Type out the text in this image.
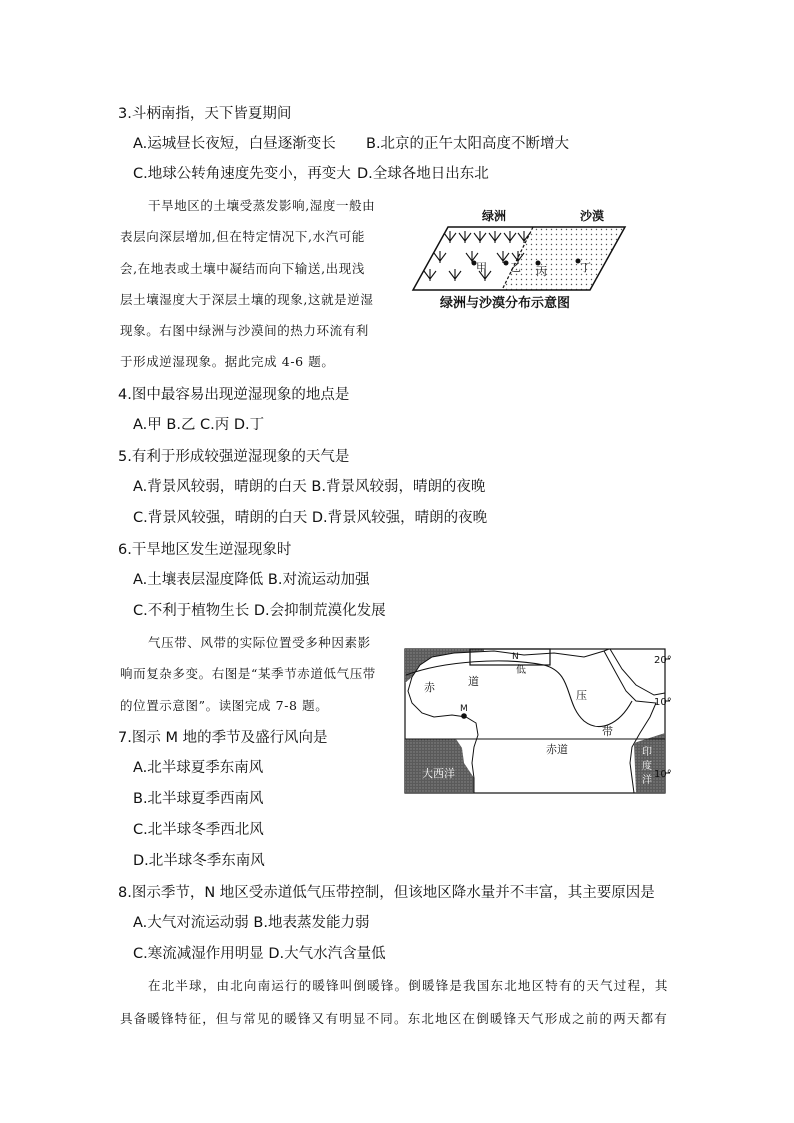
3.斗柄南指，天下皆夏期间
A.运城昼长夜短，白昼逐渐变长 B.北京的正午太阳高度不断增大
C.地球公转角速度先变小，再变大 D.全球各地日出东北
干旱地区的土壤受蒸发影响,湿度一般由
表层向深层增加,但在特定情况下,水汽可能
会,在地表或土壤中凝结而向下输送,出现浅
层土壤湿度大于深层土壤的现象,这就是逆湿
现象。右图中绿洲与沙漠间的热力环流有利
于形成逆湿现象。据此完成 4-6 题。
绿洲	沙漠
甲 乙 丙	丁
绿洲与沙漠分布示意图
4.图中最容易出现逆湿现象的地点是
A.甲 B.乙 C.丙 D.丁
5.有利于形成较强逆湿现象的天气是
A.背景风较弱，晴朗的白天 B.背景风较弱，晴朗的夜晚
C.背景风较强，晴朗的白天 D.背景风较强，晴朗的夜晚
6.干旱地区发生逆湿现象时
A.土壤表层湿度降低 B.对流运动加强
C.不利于植物生长 D.会抑制荒漠化发展
气压带、风带的实际位置受多种因素影
响而复杂多变。右图是“某季节赤道低气压带
的位置示意图”。读图完成 7-8 题。
20°
10°
10°
N
低
赤	道
压
带
M
赤道
大西洋
印
度
洋
7.图示 M 地的季节及盛行风向是
A.北半球夏季东南风
B.北半球夏季西南风
C.北半球冬季西北风
D.北半球冬季东南风
8.图示季节，N 地区受赤道低气压带控制，但该地区降水量并不丰富，其主要原因是
A.大气对流运动弱 B.地表蒸发能力弱
C.寒流减湿作用明显 D.大气水汽含量低
在北半球，由北向南运行的暖锋叫倒暖锋。倒暖锋是我国东北地区特有的天气过程，其
具备暖锋特征，但与常见的暖锋又有明显不同。东北地区在倒暖锋天气形成之前的两天都有
